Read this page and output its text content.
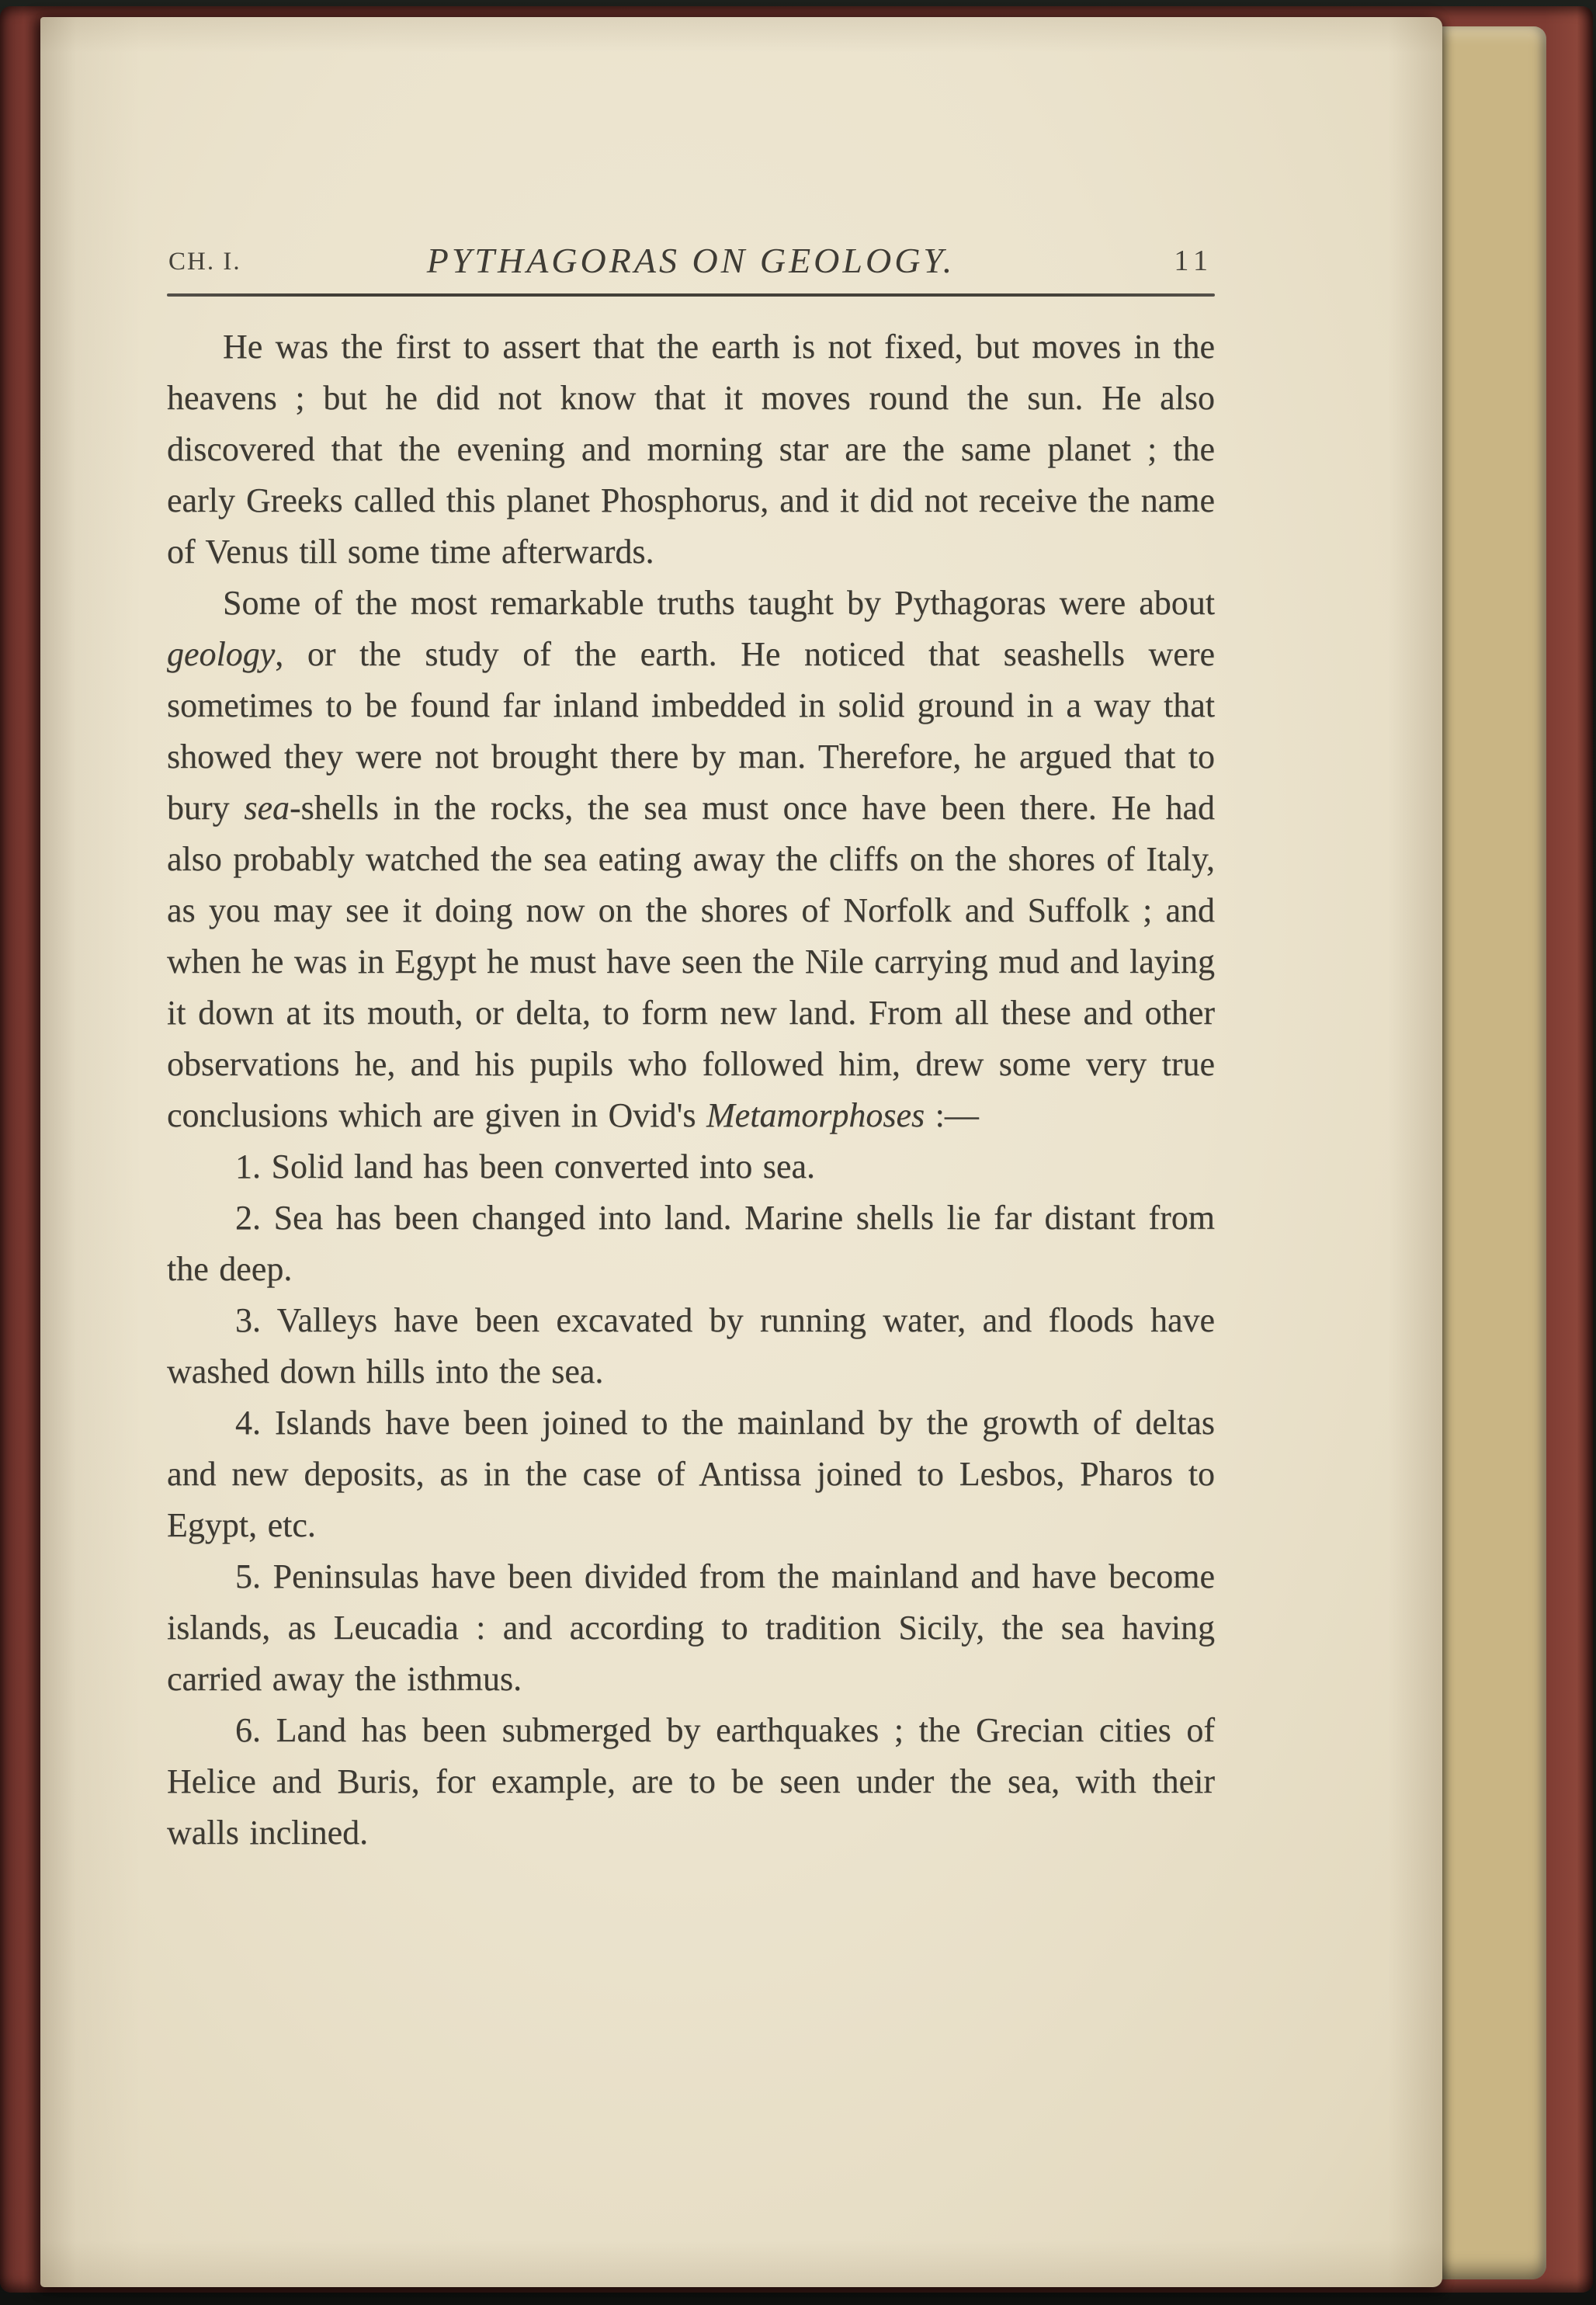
CH. I.	PYTHAGORAS ON GEOLOGY.	11

He was the first to assert that the earth is not fixed, but moves in the heavens ; but he did not know that it moves round the sun. He also discovered that the evening and morning star are the same planet ; the early Greeks called this planet Phosphorus, and it did not receive the name of Venus till some time afterwards.

Some of the most remarkable truths taught by Pythagoras were about geology, or the study of the earth. He noticed that seashells were sometimes to be found far inland imbedded in solid ground in a way that showed they were not brought there by man. Therefore, he argued that to bury sea-shells in the rocks, the sea must once have been there. He had also probably watched the sea eating away the cliffs on the shores of Italy, as you may see it doing now on the shores of Norfolk and Suffolk ; and when he was in Egypt he must have seen the Nile carrying mud and laying it down at its mouth, or delta, to form new land. From all these and other observations he, and his pupils who followed him, drew some very true conclusions which are given in Ovid's Metamorphoses :—

1. Solid land has been converted into sea.

2. Sea has been changed into land. Marine shells lie far distant from the deep.

3. Valleys have been excavated by running water, and floods have washed down hills into the sea.

4. Islands have been joined to the mainland by the growth of deltas and new deposits, as in the case of Antissa joined to Lesbos, Pharos to Egypt, etc.

5. Peninsulas have been divided from the mainland and have become islands, as Leucadia : and according to tradition Sicily, the sea having carried away the isthmus.

6. Land has been submerged by earthquakes ; the Grecian cities of Helice and Buris, for example, are to be seen under the sea, with their walls inclined.
